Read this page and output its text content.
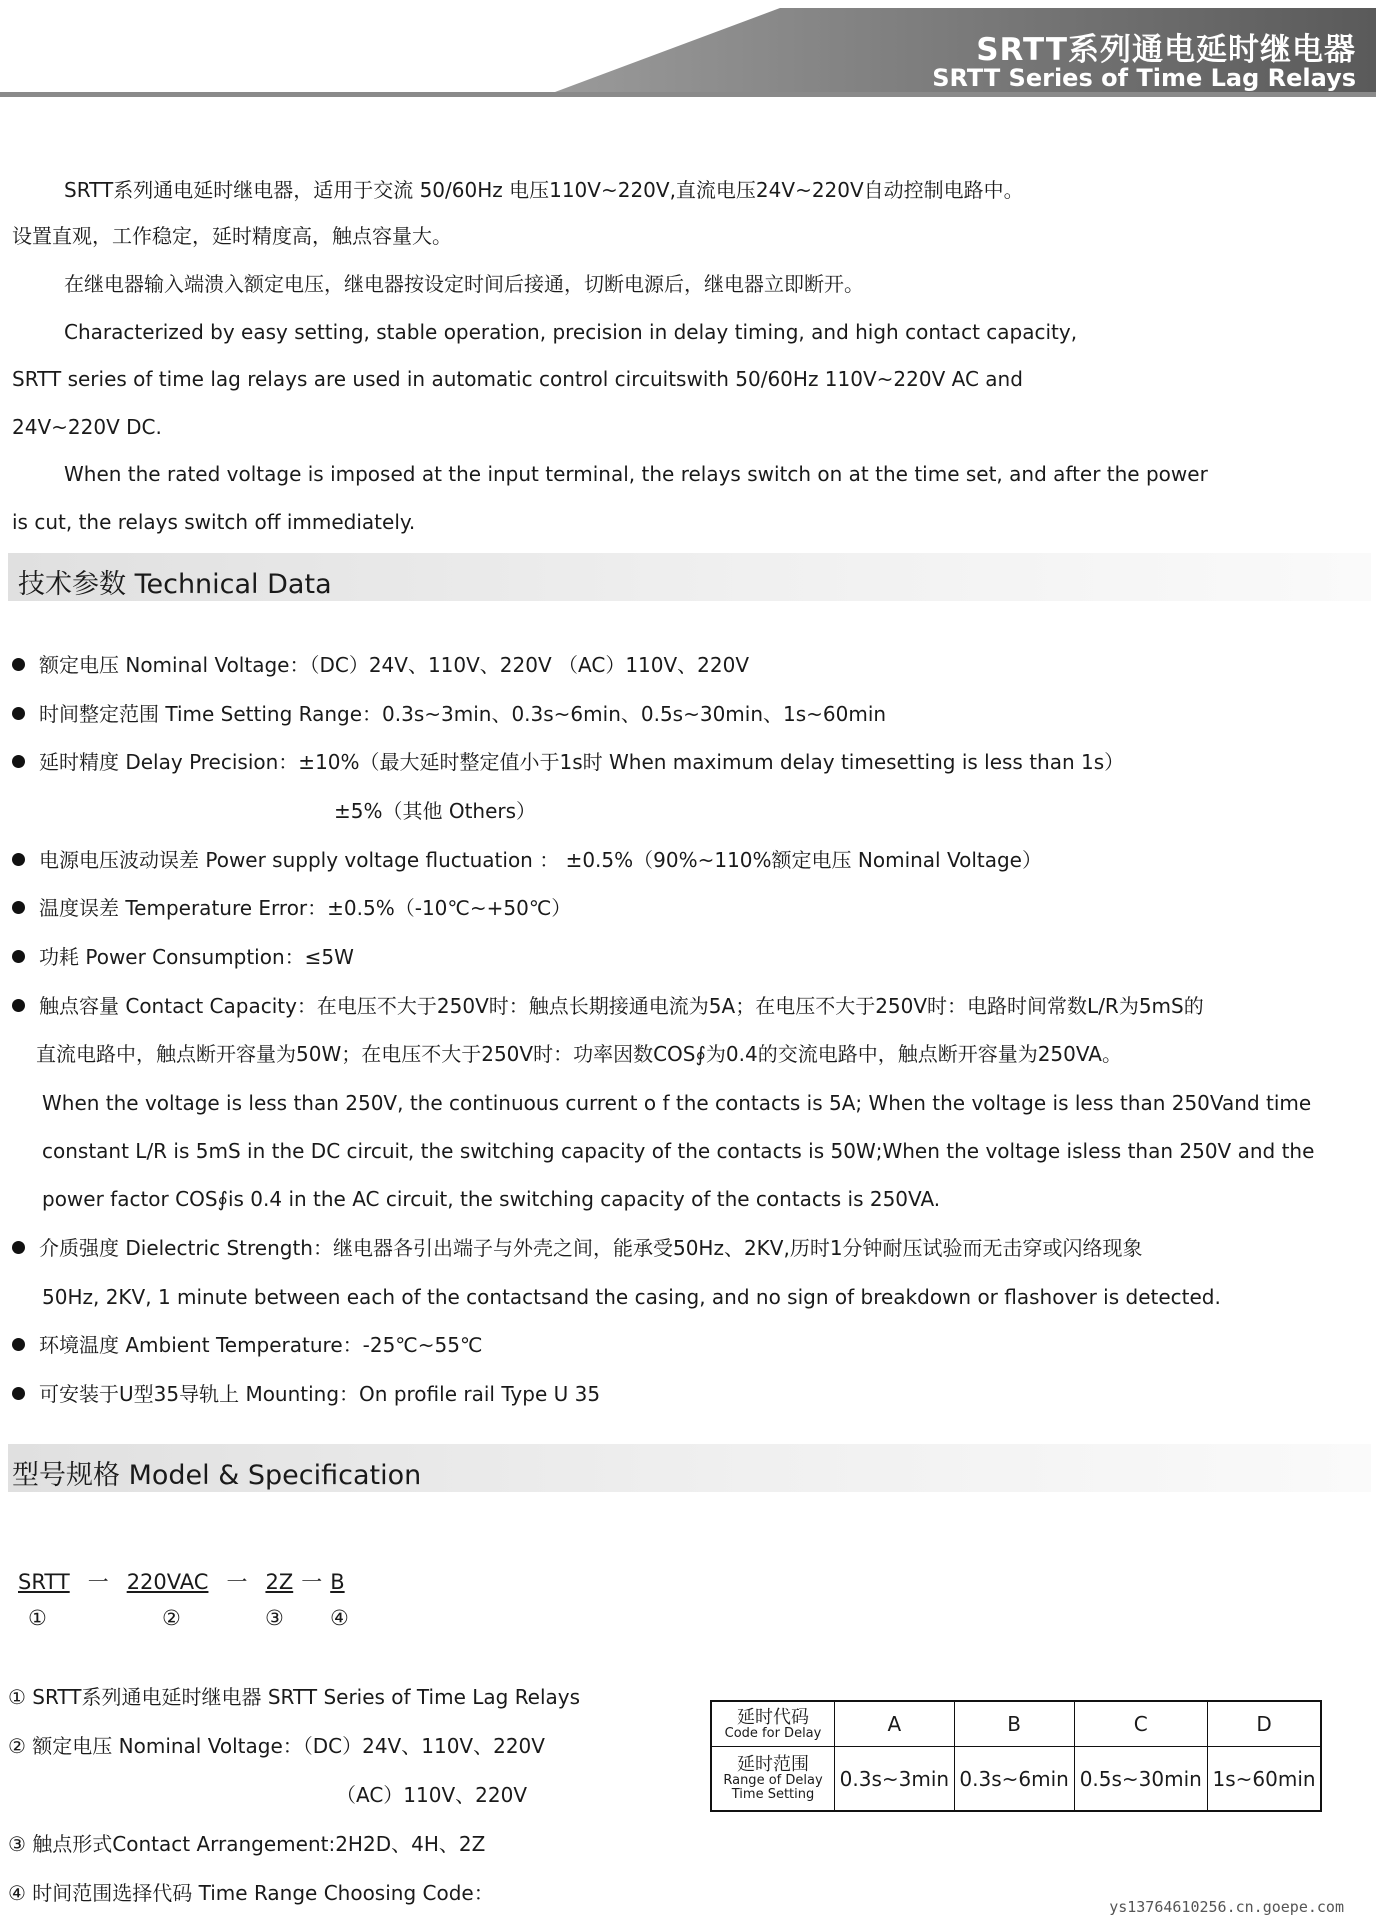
SRTT系列通电延时继电器
SRTT Series of Time Lag Relays
SRTT系列通电延时继电器，适用于交流 50/60Hz 电压110V~220V,直流电压24V~220V自动控制电路中。
设置直观，工作稳定，延时精度高，触点容量大。
在继电器输入端溃入额定电压，继电器按设定时间后接通，切断电源后，继电器立即断开。
Characterized by easy setting, stable operation, precision in delay timing, and high contact capacity,
SRTT series of time lag relays are used in automatic control circuitswith 50/60Hz 110V~220V AC and
24V~220V DC.
When the rated voltage is imposed at the input terminal, the relays switch on at the time set, and after the power
is cut, the relays switch off immediately.
技术参数 Technical Data
额定电压 Nominal Voltage：（DC）24V、110V、220V （AC）110V、220V
时间整定范围 Time Setting Range：0.3s~3min、0.3s~6min、0.5s~30min、1s~60min
延时精度 Delay Precision：±10%（最大延时整定值小于1s时 When maximum delay timesetting is less than 1s）
±5%（其他 Others）
电源电压波动误差 Power supply voltage fluctuation ： ±0.5%（90%~110%额定电压 Nominal Voltage）
温度误差 Temperature Error：±0.5%（-10℃~+50℃）
功耗 Power Consumption：≤5W
触点容量 Contact Capacity：在电压不大于250V时：触点长期接通电流为5A；在电压不大于250V时：电路时间常数L/R为5mS的
直流电路中，触点断开容量为50W；在电压不大于250V时：功率因数COS∮为0.4的交流电路中，触点断开容量为250VA。
When the voltage is less than 250V, the continuous current o f the contacts is 5A; When the voltage is less than 250Vand time
constant L/R is 5mS in the DC circuit, the switching capacity of the contacts is 50W;When the voltage isless than 250V and the
power factor COS∮is 0.4 in the AC circuit, the switching capacity of the contacts is 250VA.
介质强度 Dielectric Strength：继电器各引出端子与外壳之间，能承受50Hz、2KV,历时1分钟耐压试验而无击穿或闪络现象
50Hz, 2KV, 1 minute between each of the contactsand the casing, and no sign of breakdown or flashover is detected.
环境温度 Ambient Temperature：-25℃~55℃
可安装于U型35导轨上 Mounting：On profile rail Type U 35
型号规格 Model & Specification
SRTT 一 220VAC 一 2Z 一 B
①	②	③ ④
① SRTT系列通电延时继电器 SRTT Series of Time Lag Relays
② 额定电压 Nominal Voltage：（DC）24V、110V、220V
（AC）110V、220V
③ 触点形式Contact Arrangement:2H2D、4H、2Z
④ 时间范围选择代码 Time Range Choosing Code：
延时代码
Code for Delay	A	B	C	D

延时范围
Range of Delay
Time Setting	0.3s~3min	0.3s~6min	0.5s~30min	1s~60min
ys13764610256.cn.goepe.com
